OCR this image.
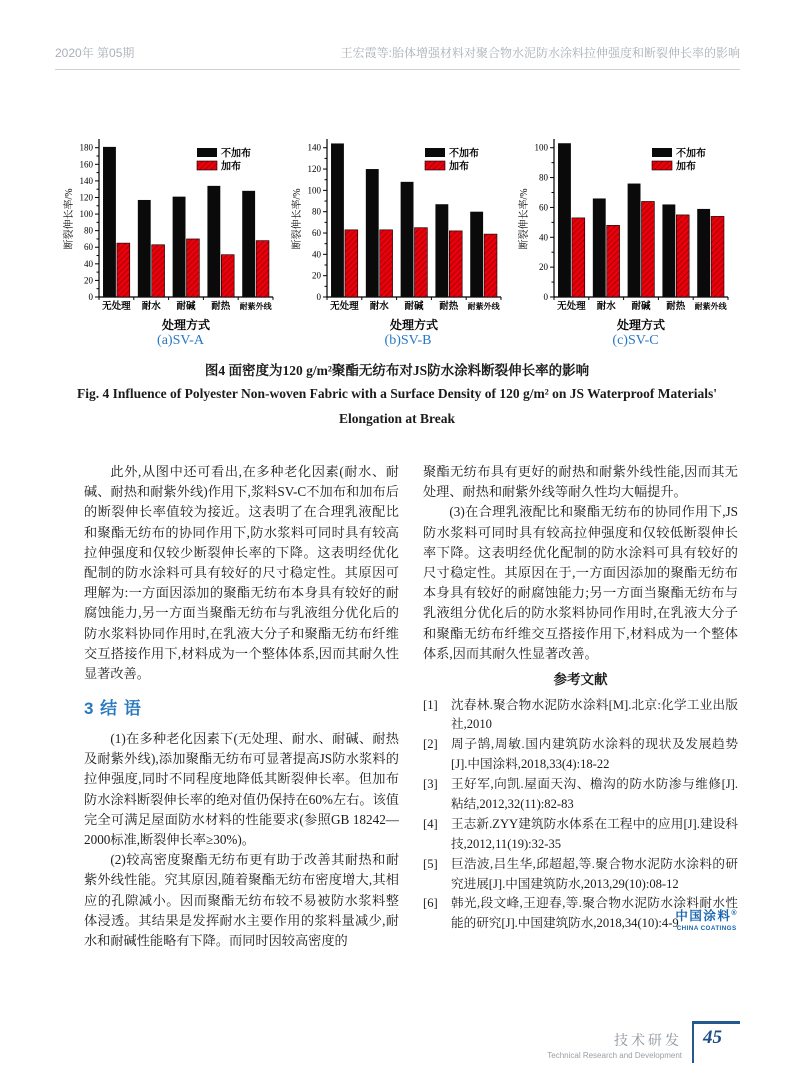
2020年 第05期	王宏霞等:胎体增强材料对聚合物水泥防水涂料拉伸强度和断裂伸长率的影响
0
20
40
60
80
100
120
140
160
180
无处理 耐水 耐碱 耐热 耐紫外线
处理方式
断裂伸长率/%
不加布
加布
(a)SV-A
0
20
40
60
80
100
120
140
无处理 耐水 耐碱 耐热 耐紫外线
处理方式
断裂伸长率/%
不加布
加布
(b)SV-B
0
20
40
60
80
100
无处理 耐水 耐碱 耐热 耐紫外线
处理方式
断裂伸长率/%
不加布
加布
(c)SV-C
图4 面密度为120 g/m²聚酯无纺布对JS防水涂料断裂伸长率的影响
Fig. 4 Influence of Polyester Non-woven Fabric with a Surface Density of 120 g/m² on JS Waterproof Materials'
Elongation at Break

此外,从图中还可看出,在多种老化因素(耐水、耐碱、耐热和耐紫外线)作用下,浆料SV-C不加布和加布后的断裂伸长率值较为接近。这表明了在合理乳液配比和聚酯无纺布的协同作用下,防水浆料可同时具有较高拉伸强度和仅较少断裂伸长率的下降。这表明经优化配制的防水涂料可具有较好的尺寸稳定性。其原因可理解为:一方面因添加的聚酯无纺布本身具有较好的耐腐蚀能力,另一方面当聚酯无纺布与乳液组分优化后的防水浆料协同作用时,在乳液大分子和聚酯无纺布纤维交互搭接作用下,材料成为一个整体体系,因而其耐久性显著改善。

3 结 语

(1)在多种老化因素下(无处理、耐水、耐碱、耐热及耐紫外线),添加聚酯无纺布可显著提高JS防水浆料的拉伸强度,同时不同程度地降低其断裂伸长率。但加布防水涂料断裂伸长率的绝对值仍保持在60%左右。该值完全可满足屋面防水材料的性能要求(参照GB 18242—2000标准,断裂伸长率≥30%)。

(2)较高密度聚酯无纺布更有助于改善其耐热和耐紫外线性能。究其原因,随着聚酯无纺布密度增大,其相应的孔隙减小。因而聚酯无纺布较不易被防水浆料整体浸透。其结果是发挥耐水主要作用的浆料量减少,耐水和耐碱性能略有下降。而同时因较高密度的

聚酯无纺布具有更好的耐热和耐紫外线性能,因而其无处理、耐热和耐紫外线等耐久性均大幅提升。

(3)在合理乳液配比和聚酯无纺布的协同作用下,JS防水浆料可同时具有较高拉伸强度和仅较低断裂伸长率下降。这表明经优化配制的防水涂料可具有较好的尺寸稳定性。其原因在于,一方面因添加的聚酯无纺布本身具有较好的耐腐蚀能力;另一方面当聚酯无纺布与乳液组分优化后的防水浆料协同作用时,在乳液大分子和聚酯无纺布纤维交互搭接作用下,材料成为一个整体体系,因而其耐久性显著改善。

参考文献
[1] 沈春林.聚合物水泥防水涂料[M].北京:化学工业出版社,2010
[2] 周子鹄,周敏.国内建筑防水涂料的现状及发展趋势[J].中国涂料,2018,33(4):18-22
[3] 王好军,向凯.屋面天沟、檐沟的防水防渗与维修[J].粘结,2012,32(11):82-83
[4] 王志新.ZYY建筑防水体系在工程中的应用[J].建设科技,2012,11(19):32-35
[5] 巨浩波,吕生华,邱超超,等.聚合物水泥防水涂料的研究进展[J].中国建筑防水,2013,29(10):08-12
[6] 韩光,段文峰,王迎春,等.聚合物水泥防水涂料耐水性能的研究[J].中国建筑防水,2018,34(10):4-9
中国涂料®
CHINA COATINGS
技术研发
Technical Research and Development
45
